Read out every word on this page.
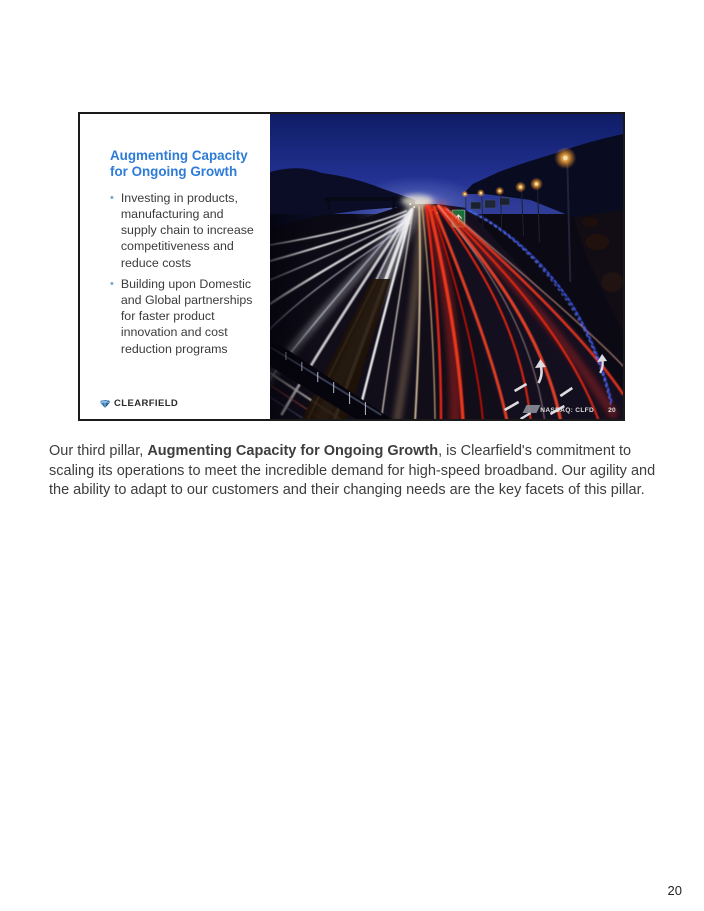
Augmenting Capacity for Ongoing Growth
• Investing in products, manufacturing and supply chain to increase competitiveness and reduce costs
• Building upon Domestic and Global partnerships for faster product innovation and cost reduction programs
CLEARFIELD
NASDAQ: CLFD 20

Our third pillar, Augmenting Capacity for Ongoing Growth, is Clearfield's commitment to scaling its operations to meet the incredible demand for high-speed broadband. Our agility and the ability to adapt to our customers and their changing needs are the key facets of this pillar.

20
